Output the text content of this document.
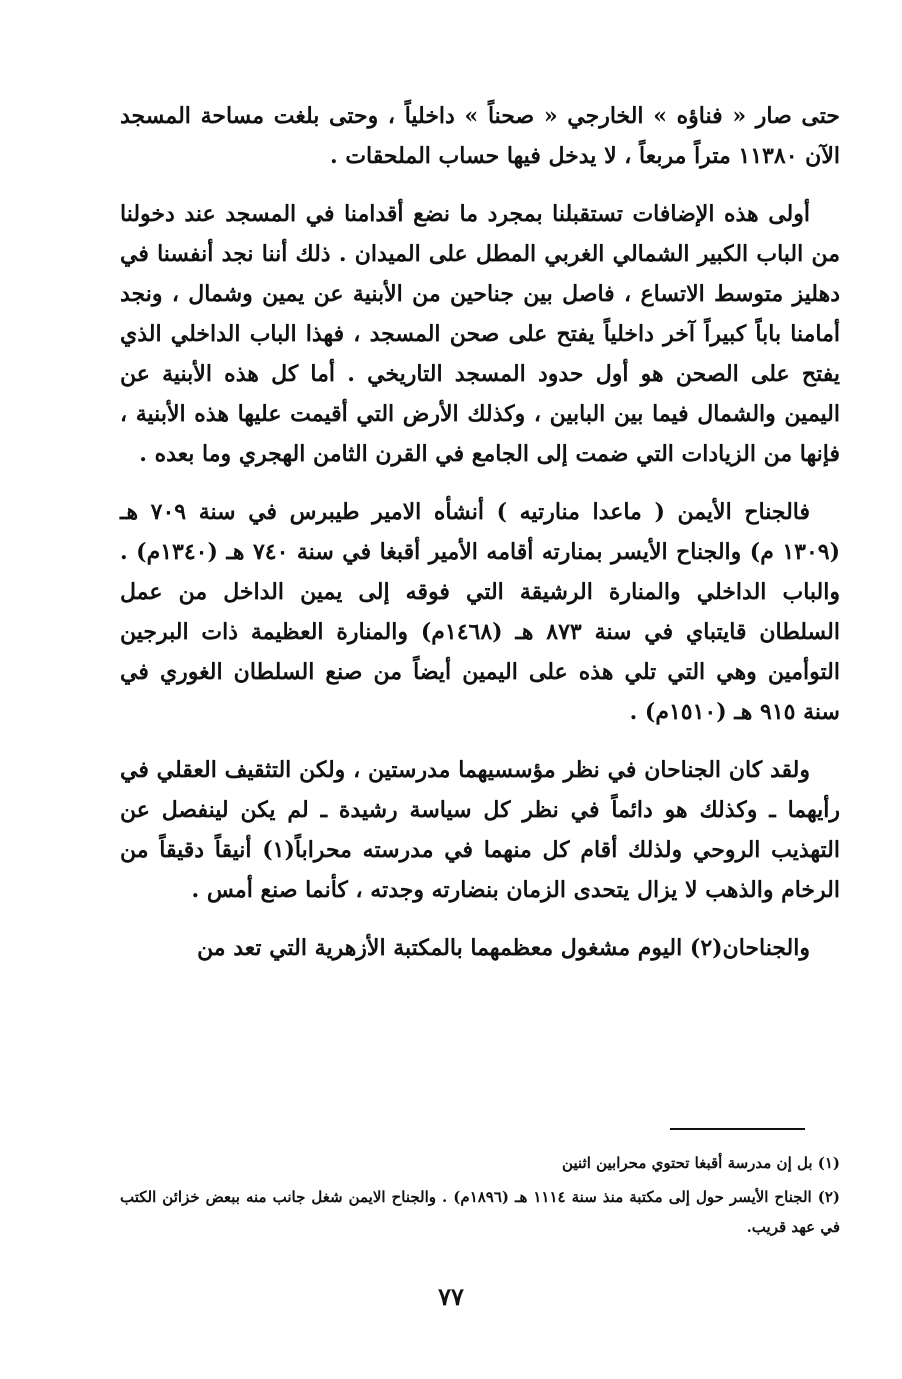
حتى صار « فناؤه » الخارجي « صحناً » داخلياً ، وحتى بلغت مساحة المسجد الآن ١١٣٨٠ متراً مربعاً ، لا يدخل فيها حساب الملحقات .

أولى هذه الإضافات تستقبلنا بمجرد ما نضع أقدامنا في المسجد عند دخولنا من الباب الكبير الشمالي الغربي المطل على الميدان . ذلك أننا نجد أنفسنا في دهليز متوسط الاتساع ، فاصل بين جناحين من الأبنية عن يمين وشمال ، ونجد أمامنا باباً كبيراً آخر داخلياً يفتح على صحن المسجد ، فهذا الباب الداخلي الذي يفتح على الصحن هو أول حدود المسجد التاريخي . أما كل هذه الأبنية عن اليمين والشمال فيما بين البابين ، وكذلك الأرض التي أقيمت عليها هذه الأبنية ، فإنها من الزيادات التي ضمت إلى الجامع في القرن الثامن الهجري وما بعده .

فالجناح الأيمن ( ماعدا منارتيه ) أنشأه الامير طيبرس في سنة ٧٠٩ هـ (١٣٠٩ م) والجناح الأيسر بمنارته أقامه الأمير أقبغا في سنة ٧٤٠ هـ (١٣٤٠م) . والباب الداخلي والمنارة الرشيقة التي فوقه إلى يمين الداخل من عمل السلطان قايتباي في سنة ٨٧٣ هـ (١٤٦٨م) والمنارة العظيمة ذات البرجين التوأمين وهي التي تلي هذه على اليمين أيضاً من صنع السلطان الغوري في سنة ٩١٥ هـ (١٥١٠م) .

ولقد كان الجناحان في نظر مؤسسيهما مدرستين ، ولكن التثقيف العقلي في رأيهما ـ وكذلك هو دائماً في نظر كل سياسة رشيدة ـ لم يكن لينفصل عن التهذيب الروحي ولذلك أقام كل منهما في مدرسته محراباً(١) أنيقاً دقيقاً من الرخام والذهب لا يزال يتحدى الزمان بنضارته وجدته ، كأنما صنع أمس .

والجناحان(٢) اليوم مشغول معظمهما بالمكتبة الأزهرية التي تعد من

(١) بل إن مدرسة أقبغا تحتوي محرابين اثنين

(٢) الجناح الأيسر حول إلى مكتبة منذ سنة ١١١٤ هـ (١٨٩٦م) . والجناح الايمن شغل جانب منه ببعض خزائن الكتب في عهد قريب.

٧٧
